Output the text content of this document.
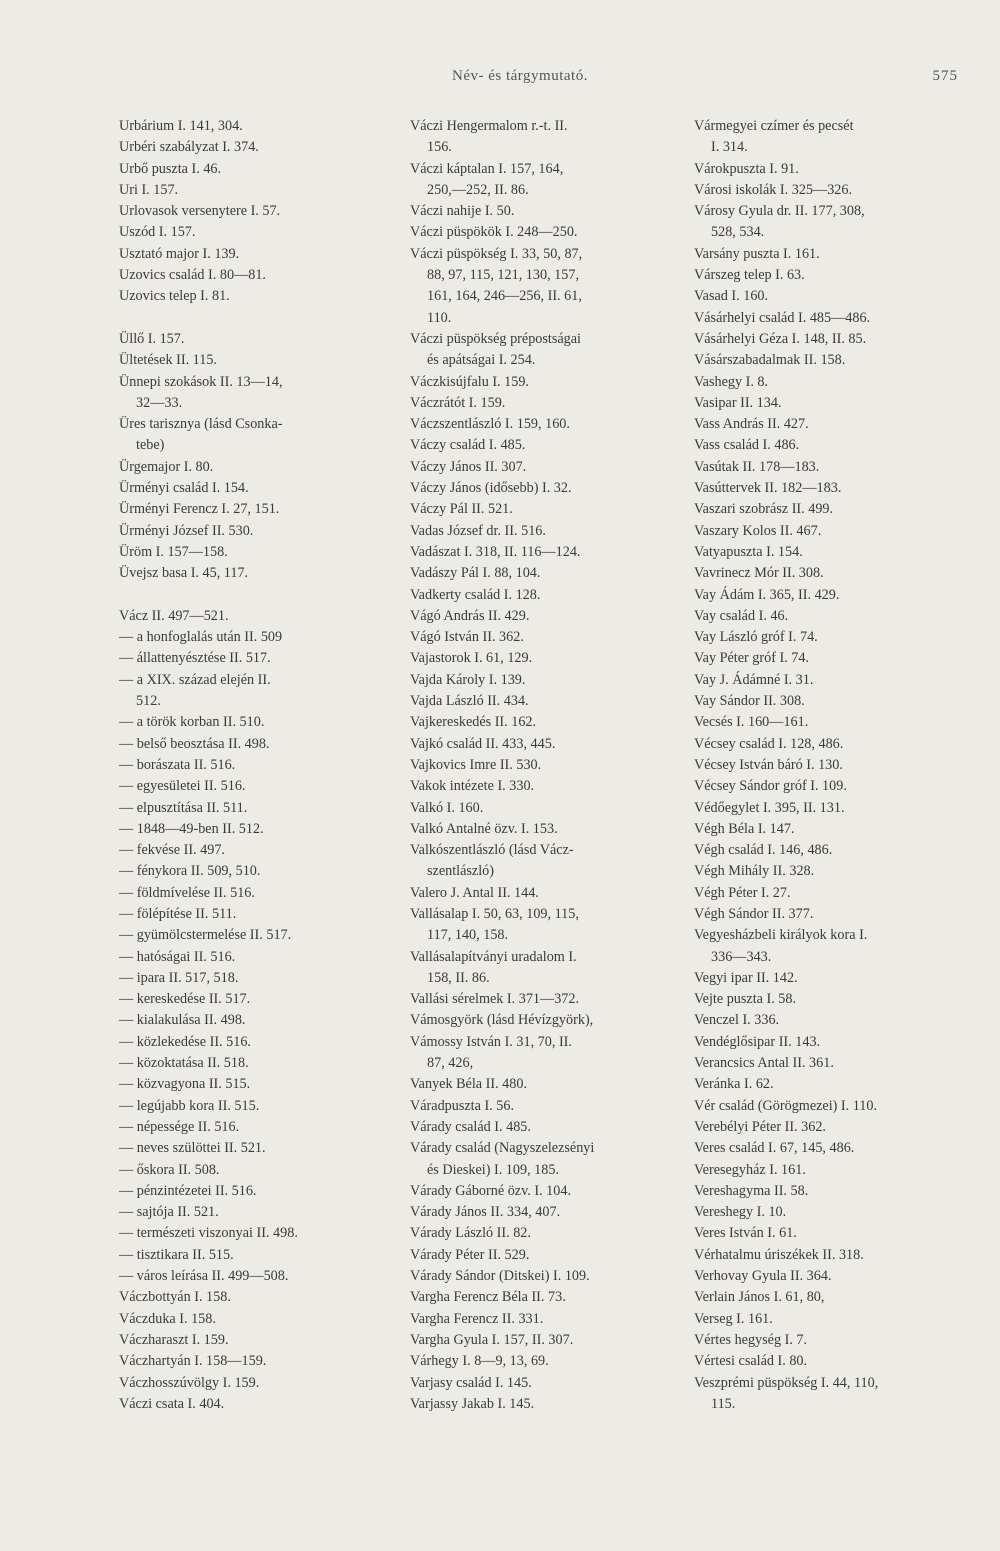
Név- és tárgymutató.	575
Urbárium I. 141, 304.
Urbéri szabályzat I. 374.
Urbő puszta I. 46.
Uri I. 157.
Urlovasok versenytere I. 57.
Uszód I. 157.
Usztató major I. 139.
Uzovics család I. 80—81.
Uzovics telep I. 81.
Üllő I. 157.
Ültetések II. 115.
Ünnepi szokások II. 13—14,
32—33.
Üres tarisznya (lásd Csonka-
tebe)
Ürgemajor I. 80.
Ürményi család I. 154.
Ürményi Ferencz I. 27, 151.
Ürményi József II. 530.
Üröm I. 157—158.
Üvejsz basa I. 45, 117.
Vácz II. 497—521.
— a honfoglalás után II. 509
— állattenyésztése II. 517.
— a XIX. század elején II.
512.
— a török korban II. 510.
— belső beosztása II. 498.
— borászata II. 516.
— egyesületei II. 516.
— elpusztítása II. 511.
— 1848—49-ben II. 512.
— fekvése II. 497.
— fénykora II. 509, 510.
— földmívelése II. 516.
— fölépítése II. 511.
— gyümölcstermelése II. 517.
— hatóságai II. 516.
— ipara II. 517, 518.
— kereskedése II. 517.
— kialakulása II. 498.
— közlekedése II. 516.
— közoktatása II. 518.
— közvagyona II. 515.
— legújabb kora II. 515.
— népessége II. 516.
— neves szülöttei II. 521.
— őskora II. 508.
— pénzintézetei II. 516.
— sajtója II. 521.
— természeti viszonyai II. 498.
— tisztikara II. 515.
— város leírása II. 499—508.
Váczbottyán I. 158.
Váczduka I. 158.
Váczharaszt I. 159.
Váczhartyán I. 158—159.
Váczhosszúvölgy I. 159.
Váczi csata I. 404.
Váczi Hengermalom r.-t. II.
156.
Váczi káptalan I. 157, 164,
250,—252, II. 86.
Váczi nahije I. 50.
Váczi püspökök I. 248—250.
Váczi püspökség I. 33, 50, 87,
88, 97, 115, 121, 130, 157,
161, 164, 246—256, II. 61,
110.
Váczi püspökség prépostságai
és apátságai I. 254.
Váczkisújfalu I. 159.
Váczrátót I. 159.
Váczszentlászló I. 159, 160.
Váczy család I. 485.
Váczy János II. 307.
Váczy János (idősebb) I. 32.
Váczy Pál II. 521.
Vadas József dr. II. 516.
Vadászat I. 318, II. 116—124.
Vadászy Pál I. 88, 104.
Vadkerty család I. 128.
Vágó András II. 429.
Vágó István II. 362.
Vajastorok I. 61, 129.
Vajda Károly I. 139.
Vajda László II. 434.
Vajkereskedés II. 162.
Vajkó család II. 433, 445.
Vajkovics Imre II. 530.
Vakok intézete I. 330.
Valkó I. 160.
Valkó Antalné özv. I. 153.
Valkószentlászló (lásd Vácz-
szentlászló)
Valero J. Antal II. 144.
Vallásalap I. 50, 63, 109, 115,
117, 140, 158.
Vallásalapítványi uradalom I.
158, II. 86.
Vallási sérelmek I. 371—372.
Vámosgyörk (lásd Hévízgyörk),
Vámossy István I. 31, 70, II.
87, 426,
Vanyek Béla II. 480.
Váradpuszta I. 56.
Várady család I. 485.
Várady család (Nagyszelezsényi
és Dieskei) I. 109, 185.
Várady Gáborné özv. I. 104.
Várady János II. 334, 407.
Várady László II. 82.
Várady Péter II. 529.
Várady Sándor (Ditskei) I. 109.
Vargha Ferencz Béla II. 73.
Vargha Ferencz II. 331.
Vargha Gyula I. 157, II. 307.
Várhegy I. 8—9, 13, 69.
Varjasy család I. 145.
Varjassy Jakab I. 145.
Vármegyei czímer és pecsét
I. 314.
Várokpuszta I. 91.
Városi iskolák I. 325—326.
Városy Gyula dr. II. 177, 308,
528, 534.
Varsány puszta I. 161.
Várszeg telep I. 63.
Vasad I. 160.
Vásárhelyi család I. 485—486.
Vásárhelyi Géza I. 148, II. 85.
Vásárszabadalmak II. 158.
Vashegy I. 8.
Vasipar II. 134.
Vass András II. 427.
Vass család I. 486.
Vasútak II. 178—183.
Vasúttervek II. 182—183.
Vaszari szobrász II. 499.
Vaszary Kolos II. 467.
Vatyapuszta I. 154.
Vavrinecz Mór II. 308.
Vay Ádám I. 365, II. 429.
Vay család I. 46.
Vay László gróf I. 74.
Vay Péter gróf I. 74.
Vay J. Ádámné I. 31.
Vay Sándor II. 308.
Vecsés I. 160—161.
Vécsey család I. 128, 486.
Vécsey István báró I. 130.
Vécsey Sándor gróf I. 109.
Védőegylet I. 395, II. 131.
Végh Béla I. 147.
Végh család I. 146, 486.
Végh Mihály II. 328.
Végh Péter I. 27.
Végh Sándor II. 377.
Vegyesházbeli királyok kora I.
336—343.
Vegyi ipar II. 142.
Vejte puszta I. 58.
Venczel I. 336.
Vendéglősipar II. 143.
Verancsics Antal II. 361.
Veránka I. 62.
Vér család (Görögmezei) I. 110.
Verebélyi Péter II. 362.
Veres család I. 67, 145, 486.
Veresegyház I. 161.
Vereshagyma II. 58.
Vereshegy I. 10.
Veres István I. 61.
Vérhatalmu úriszékek II. 318.
Verhovay Gyula II. 364.
Verlain János I. 61, 80,
Verseg I. 161.
Vértes hegység I. 7.
Vértesi család I. 80.
Veszprémi püspökség I. 44, 110,
115.
